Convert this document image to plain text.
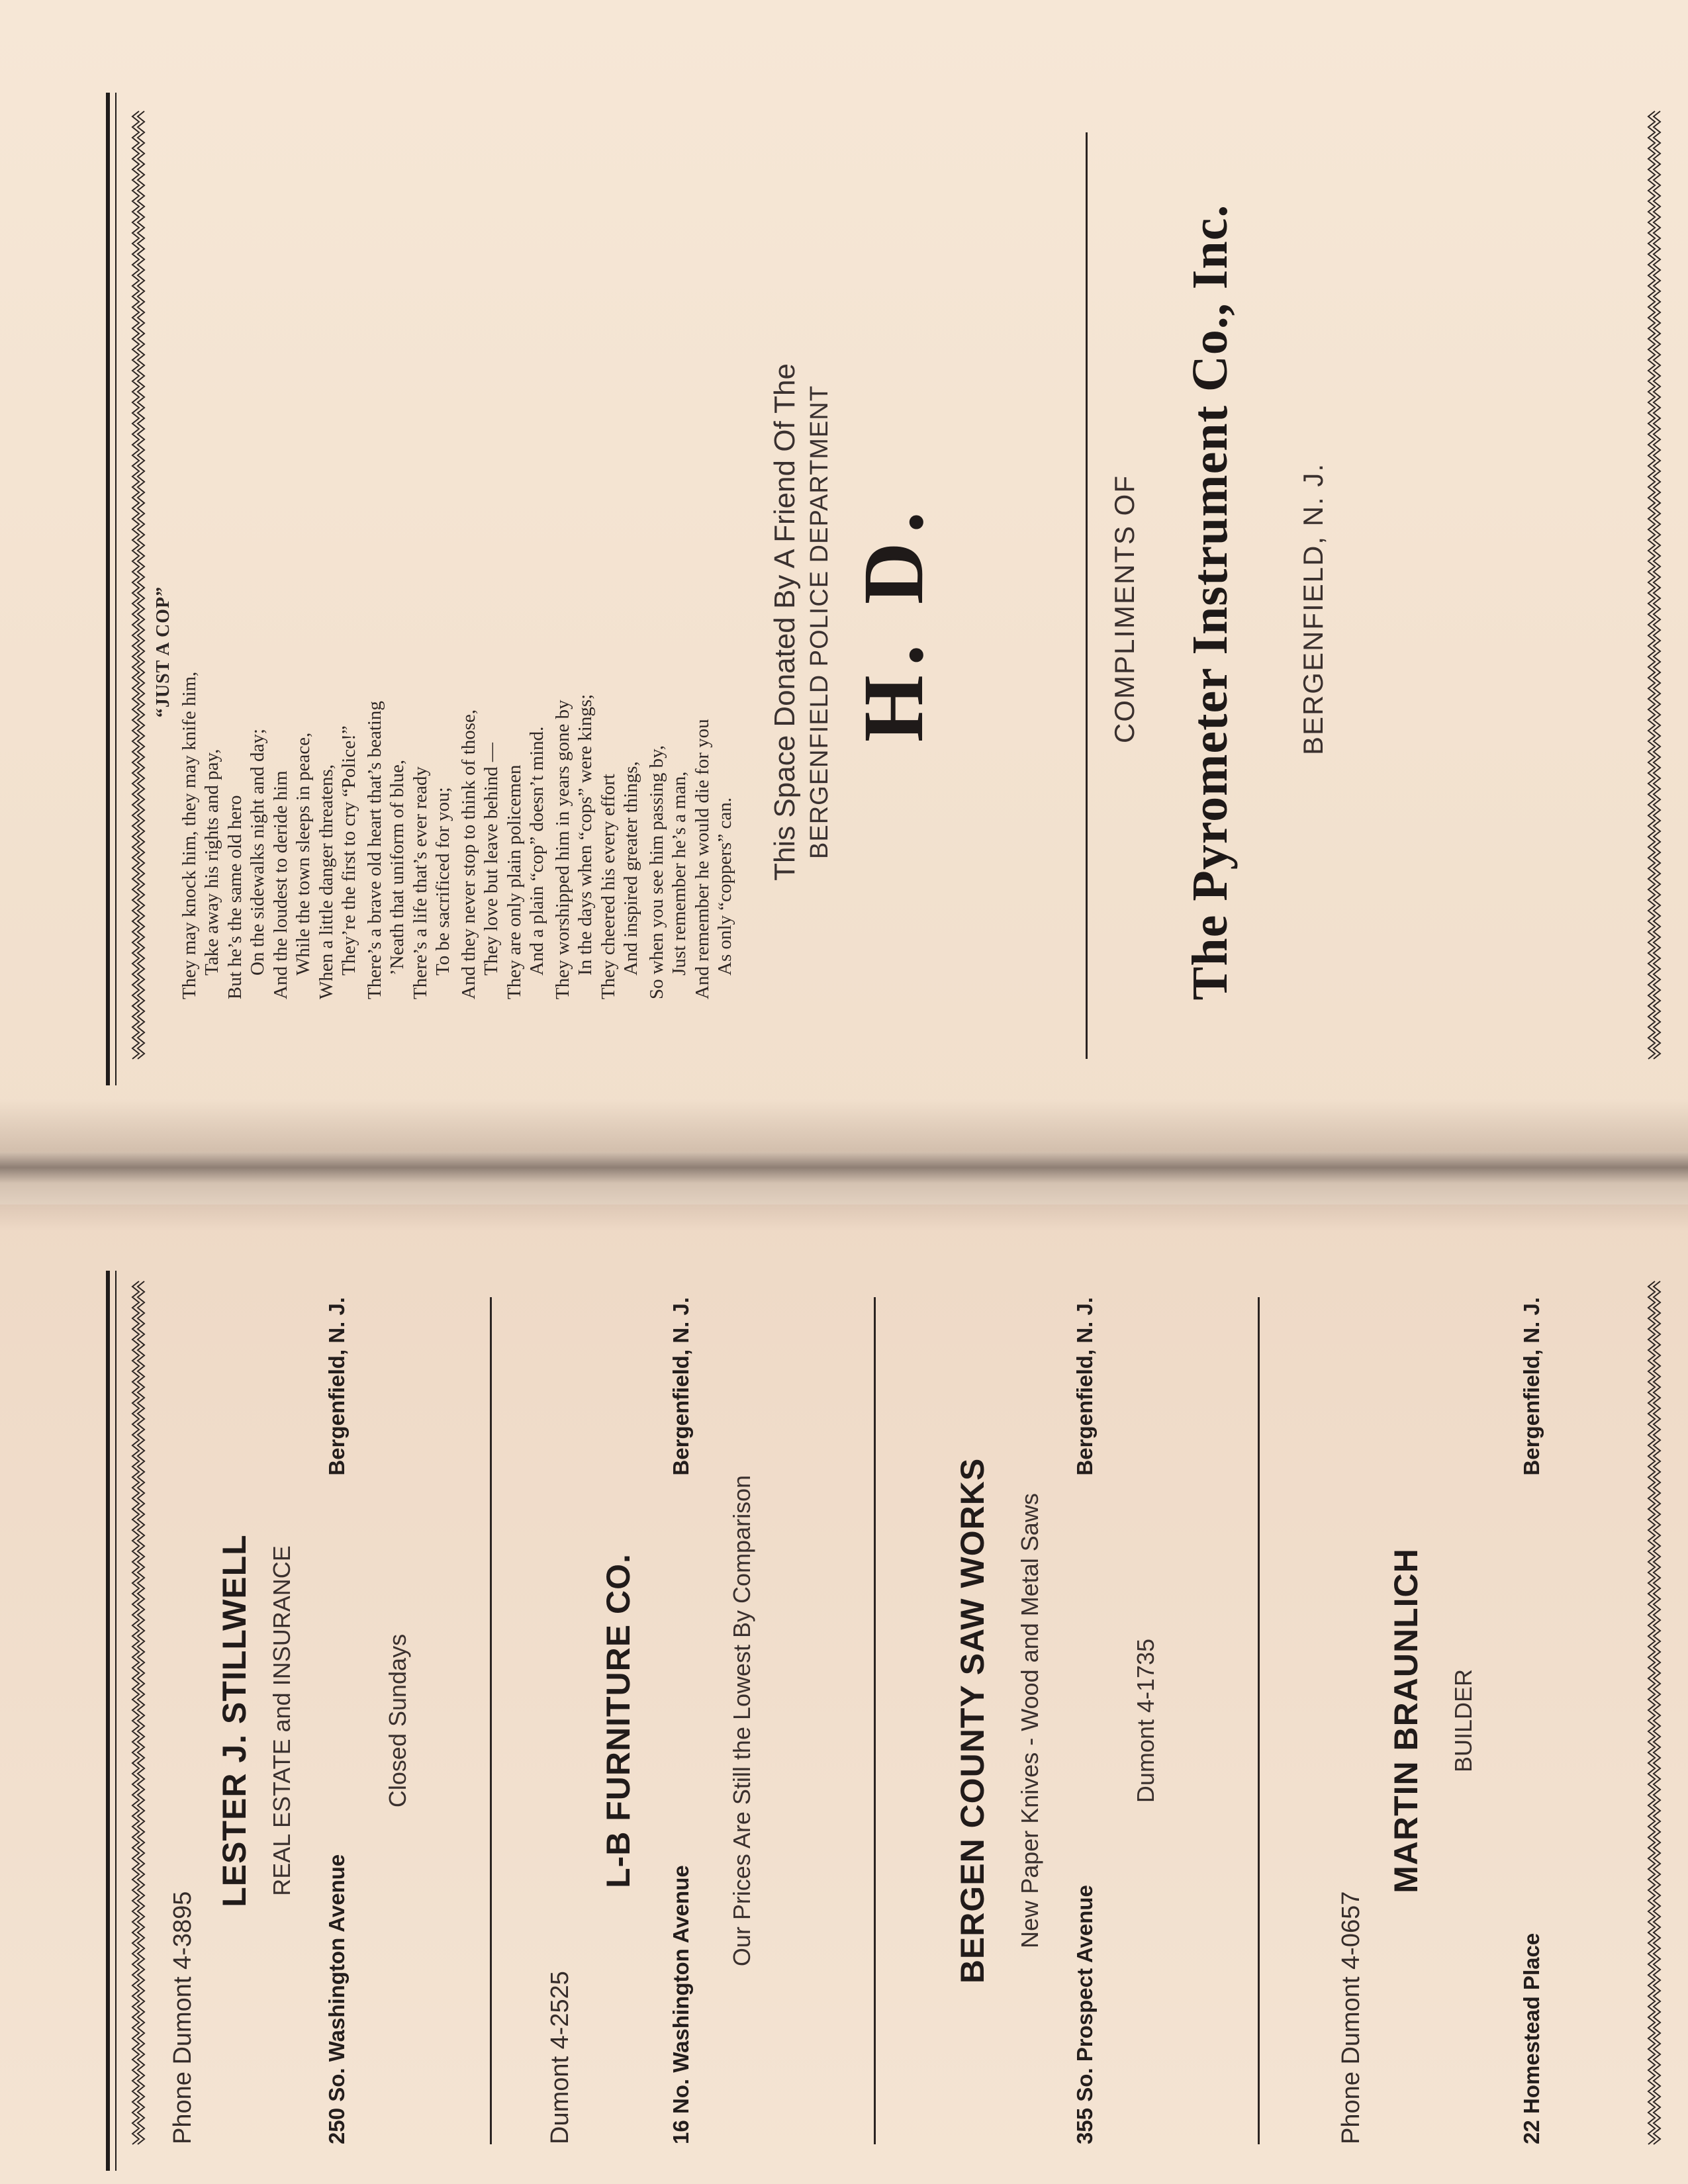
“JUST A COP”
They may knock him, they may knife him, Take away his rights and pay, But he’s the same old hero On the sidewalks night and day; And the loudest to deride him While the town sleeps in peace, When a little danger threatens, They’re the first to cry “Police!” There’s a brave old heart that’s beating ’Neath that uniform of blue, There’s a life that’s ever ready To be sacrificed for you; And they never stop to think of those, They love but leave behind — They are only plain policemen And a plain “cop” doesn’t mind. They worshipped him in years gone by In the days when “cops” were kings; They cheered his every effort And inspired greater things, So when you see him passing by, Just remember he’s a man, And remember he would die for you As only “coppers” can.
This Space Donated By A Friend Of The BERGENFIELD POLICE DEPARTMENT H. D.	COMPLIMENTS OF The Pyrometer Instrument Co., Inc. BERGENFIELD, N. J.
Phone Dumont 4-3895
LESTER J. STILLWELL REAL ESTATE and INSURANCE
250 So. Washington Avenue
Bergenfield, N. J.
Closed Sundays
Dumont 4-2525
L-B FURNITURE CO.
16 No. Washington Avenue
Bergenfield, N. J.
Our Prices Are Still the Lowest By Comparison	BERGEN COUNTY SAW WORKS New Paper Knives - Wood and Metal Saws
355 So. Prospect Avenue
Bergenfield, N. J.
Dumont 4-1735
Phone Dumont 4-0657
MARTIN BRAUNLICH BUILDER
22 Homestead Place
Bergenfield, N. J.
